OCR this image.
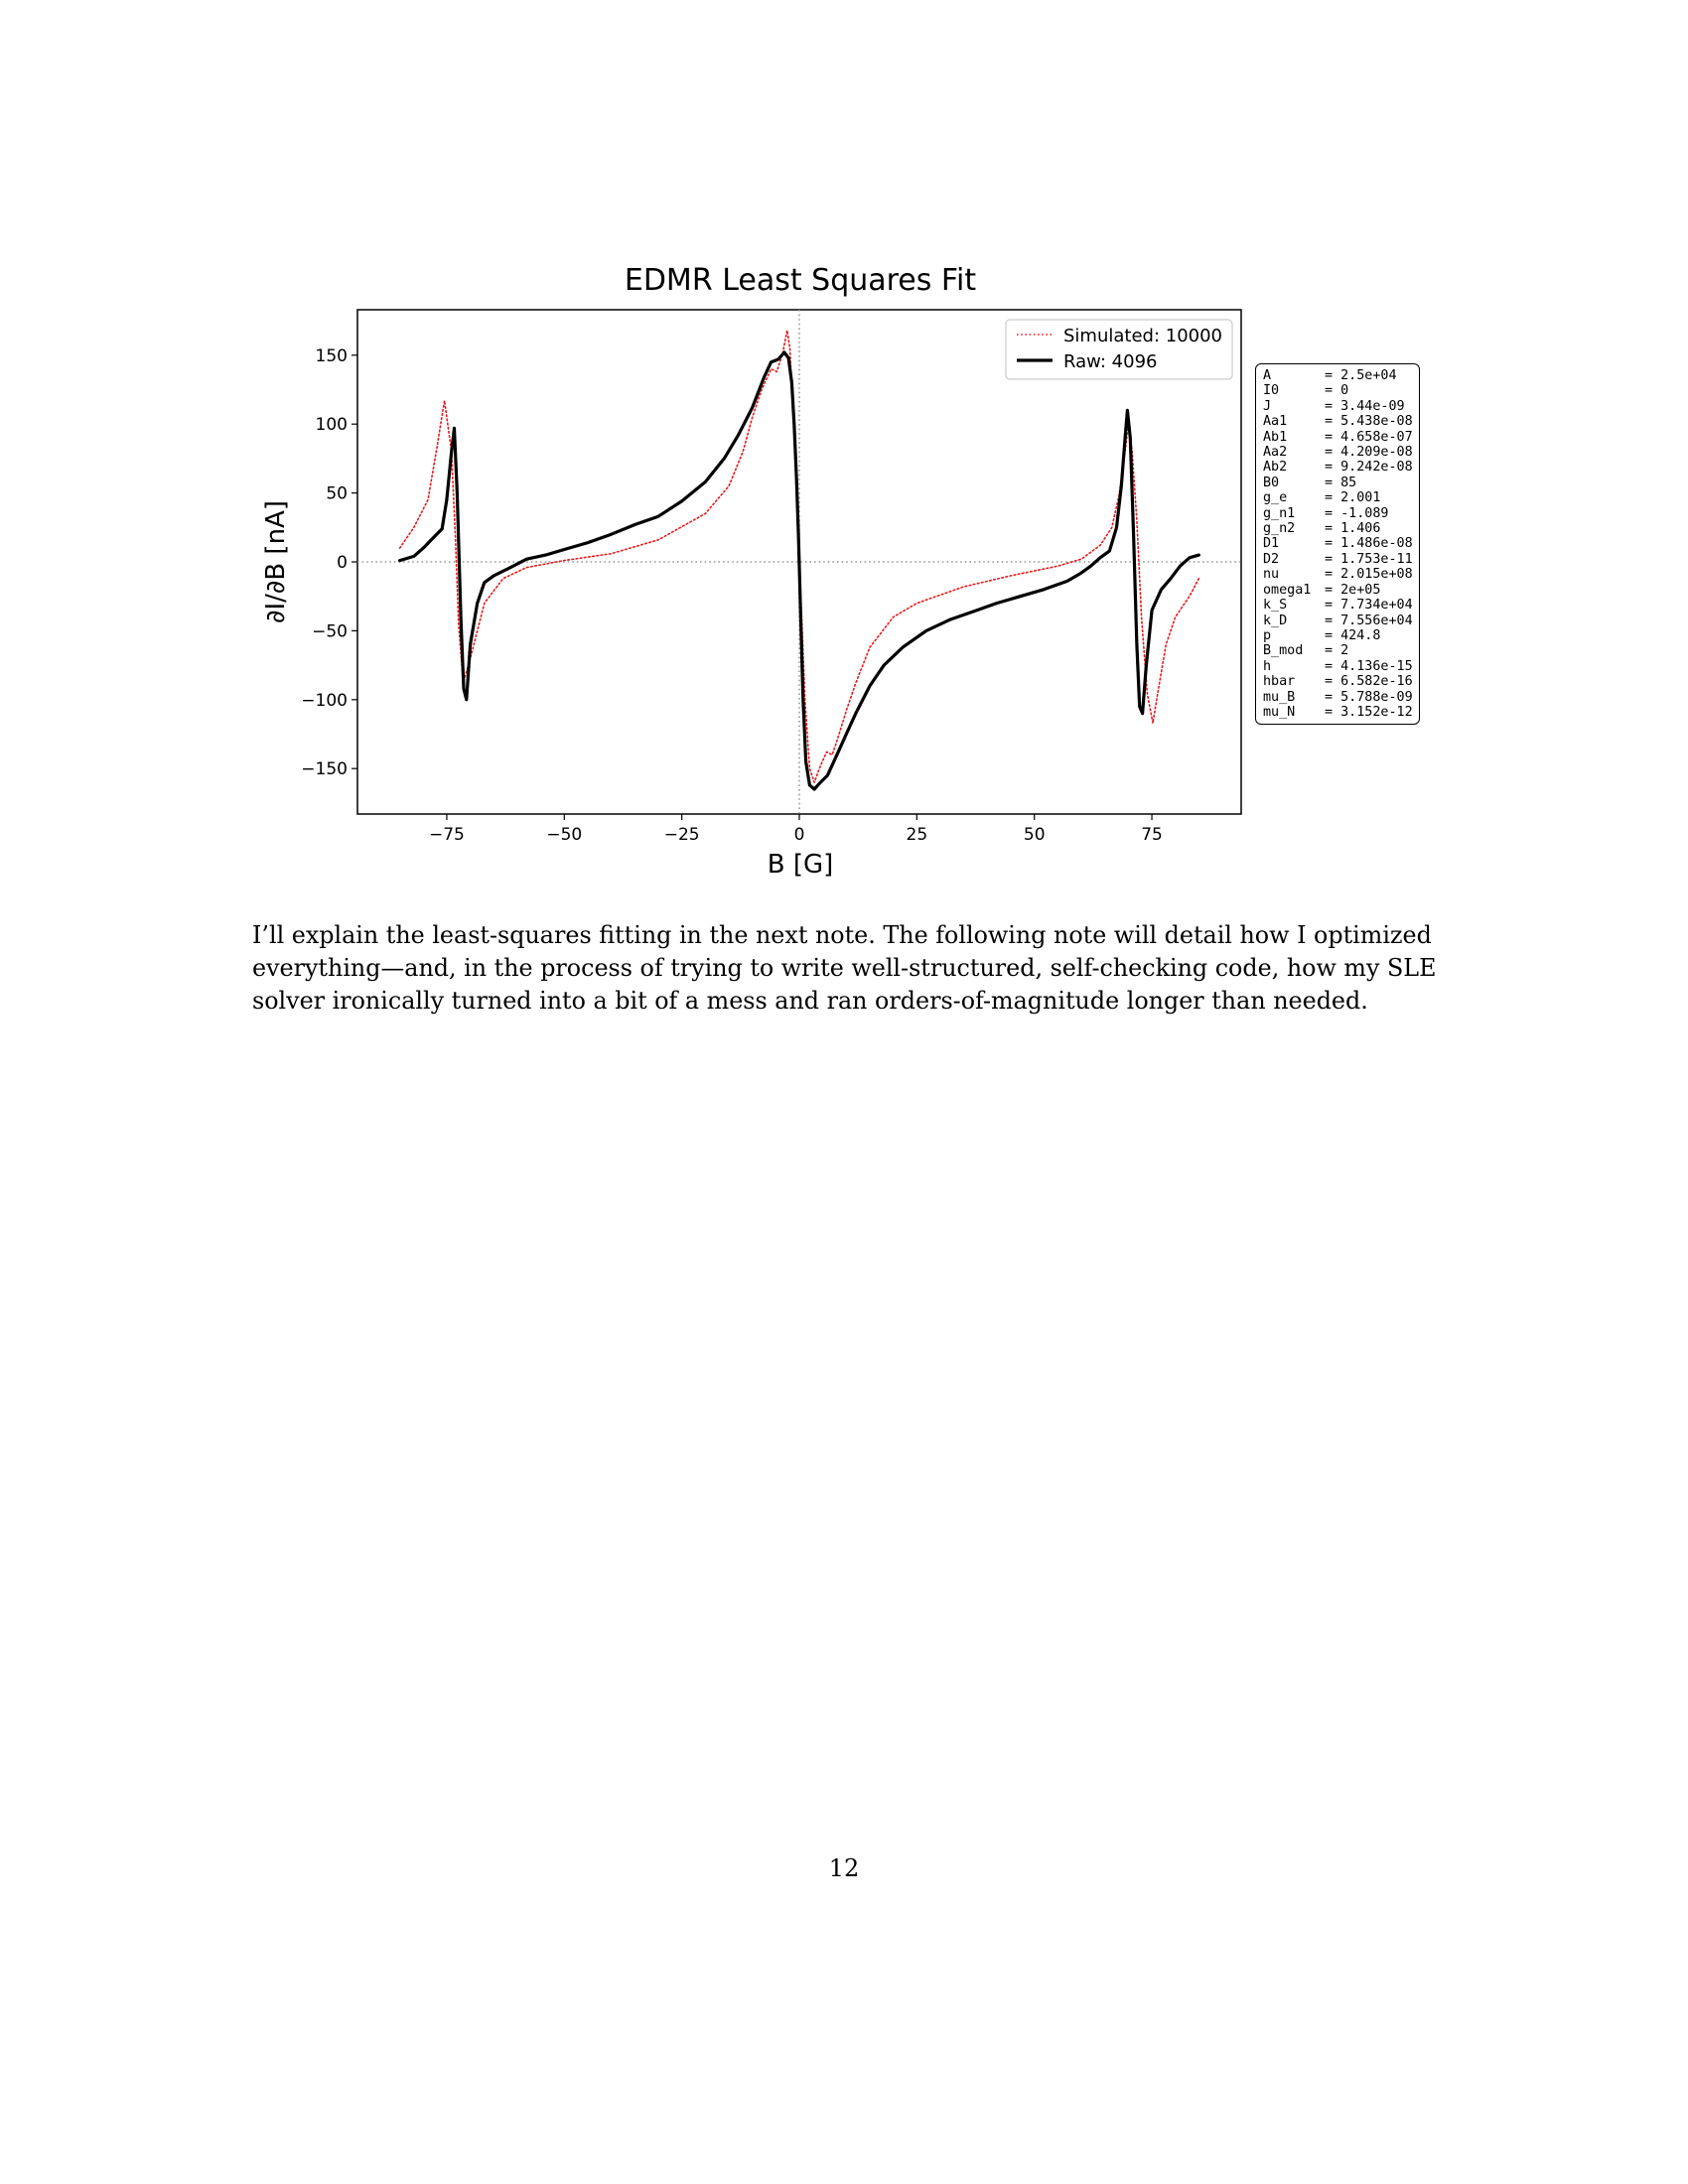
EDMR Least Squares Fit
−75	−50	−25	0	25	50	75
150
100
50
0
−50
−100
−150
B [G]
∂I/∂B [nA]
Simulated: 10000
Raw: 4096
A	= 2.5e+04
I0	= 0
J	= 3.44e-09
Aa1	= 5.438e-08
Ab1	= 4.658e-07
Aa2	= 4.209e-08
Ab2	= 9.242e-08
B0	= 85
g_e	= 2.001
g_n1	= -1.089
g_n2	= 1.406
D1	= 1.486e-08
D2	= 1.753e-11
nu	= 2.015e+08
omega1	= 2e+05
k_S	= 7.734e+04
k_D	= 7.556e+04
p	= 424.8
B_mod	= 2
h	= 4.136e-15
hbar	= 6.582e-16
mu_B	= 5.788e-09
mu_N	= 3.152e-12

I’ll explain the least-squares fitting in the next note. The following note will detail how I optimized everything—and, in the process of trying to write well-structured, self-checking code, how my SLE solver ironically turned into a bit of a mess and ran orders-of-magnitude longer than needed.

12
